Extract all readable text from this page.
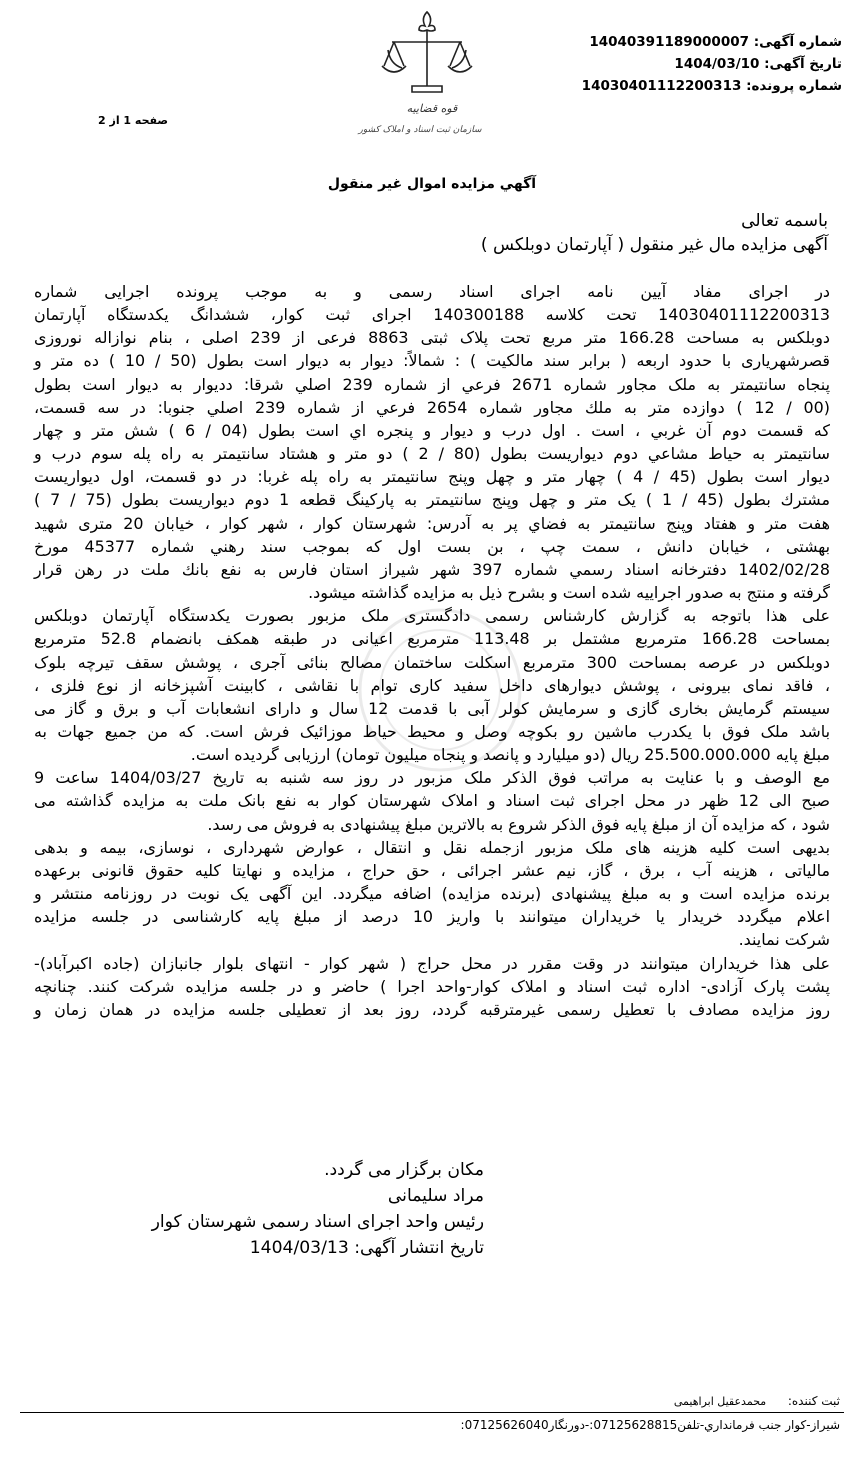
شماره آگهی: 14040391189000007
تاریخ آگهی: 1404/03/10
شماره پرونده: 14030401112200313
صفحه 1 از 2
قوه قضاییه
سازمان ثبت اسناد و املاک کشور
آگهي مزايده اموال غير منقول
باسمه تعالی
آگهی مزایده مال غیر منقول ( آپارتمان دوبلکس )
در اجرای مفاد آیین نامه اجرای اسناد رسمی و به موجب پرونده اجرایی شماره
14030401112200313 تحت کلاسه 140300188 اجرای ثبت کوار، ششدانگ یکدستگاه آپارتمان
دوبلکس به مساحت 166.28 متر مربع تحت پلاک ثبتی 8863 فرعی از 239 اصلی ، بنام نوازاله نوروزی
قصرشهریاری با حدود اربعه ( برابر سند مالکیت ) : شمالاً: دیوار به دیوار است بطول (50 / 10 ) ده متر و
پنجاه سانتیمتر به ملک مجاور شماره 2671 فرعي از شماره 239 اصلي شرقا: دديوار به ديوار است بطول
(00 / 12 ) دوازده متر به ملك مجاور شماره 2654 فرعي از شماره 239 اصلي جنوبا: در سه قسمت،
كه قسمت دوم آن غربي ، است . اول درب و ديوار و پنجره اي است بطول (04 / 6 ) شش متر و چهار
سانتيمتر به حياط مشاعي دوم ديواريست بطول (80 / 2 ) دو متر و هشتاد سانتيمتر به راه پله سوم درب و
ديوار است بطول (45 / 4 ) چهار متر و چهل وپنج سانتيمتر به راه پله غربا: در دو قسمت، اول ديواريست
مشترك بطول (45 / 1 ) يک متر و چهل وپنج سانتيمتر به پاركينگ قطعه 1 دوم ديواريست بطول (75 / 7 )
هفت متر و هفتاد وپنج سانتيمتر به فضاي پر به آدرس: شهرستان كوار ، شهر كوار ، خيابان 20 متری شهید
بهشتی ، خیابان دانش ، سمت چپ ، بن بست اول كه بموجب سند رهني شماره 45377 مورخ
1402/02/28 دفترخانه اسناد رسمي شماره 397 شهر شيراز استان فارس به نفع بانك ملت در رهن قرار
گرفته و منتج به صدور اجراییه شده است و بشرح ذیل به مزایده گذاشته میشود.
علی هذا باتوجه به گزارش کارشناس رسمی دادگستری ملک مزبور بصورت یکدستگاه آپارتمان دوبلکس
بمساحت 166.28 مترمربع مشتمل بر 113.48 مترمربع اعیانی در طبقه همکف بانضمام 52.8 مترمربع
دوبلکس در عرصه بمساحت 300 مترمربع اسکلت ساختمان مصالح بنائی آجری ، پوشش سقف تیرچه بلوک
، فاقد نمای بیرونی ، پوشش دیوارهای داخل سفید کاری توام با نقاشی ، کابینت آشپزخانه از نوع فلزی ،
سیستم گرمایش بخاری گازی و سرمایش کولر آبی با قدمت 12 سال و دارای انشعابات آب و برق و گاز می
باشد ملک فوق با یکدرب ماشین رو بکوچه وصل و محیط حیاط موزائیک فرش است. که من جمیع جهات به
مبلغ پایه 25.500.000.000 ریال (دو میلیارد و پانصد و پنجاه میلیون تومان) ارزیابی گردیده است.
مع الوصف و با عنایت به مراتب فوق الذکر ملک مزبور در روز سه شنبه به تاریخ 1404/03/27 ساعت 9
صبح الی 12 ظهر در محل اجرای ثبت اسناد و املاک شهرستان کوار به نفع بانک ملت به مزایده گذاشته می
شود ، که مزایده آن از مبلغ پایه فوق الذکر شروع به بالاترین مبلغ پیشنهادی به فروش می رسد.
بدیهی است کلیه هزینه های ملک مزبور ازجمله نقل و انتقال ، عوارض شهرداری ، نوسازی، بیمه و بدهی
مالیاتی ، هزینه آب ، برق ، گاز، نیم عشر اجرائی ، حق حراج ، مزایده و نهایتا کلیه حقوق قانونی برعهده
برنده مزایده است و به مبلغ پیشنهادی (برنده مزایده) اضافه میگردد. این آگهی یک نوبت در روزنامه منتشر و
اعلام میگردد خریدار یا خریداران میتوانند با واریز 10 درصد از مبلغ پایه کارشناسی در جلسه مزایده
شرکت نمایند.
علی هذا خریداران میتوانند در وقت مقرر در محل حراج ( شهر کوار - انتهای بلوار جانبازان (جاده اکبرآباد)-
پشت پارک آزادی- اداره ثبت اسناد و املاک کوار-واحد اجرا ) حاضر و در جلسه مزایده شرکت کنند. چنانچه
روز مزایده مصادف با تعطیل رسمی غیرمترقبه گردد، روز بعد از تعطیلی جلسه مزایده در همان زمان و
مکان برگزار می گردد.
مراد سلیمانی
رئیس واحد اجرای اسناد رسمی شهرستان کوار
تاریخ انتشار آگهی: 1404/03/13
ثبت کننده:  محمدعقیل ابراهیمی
شیراز-کوار جنب فرمانداري-تلفن07125628815:-دورنگار07125626040:
